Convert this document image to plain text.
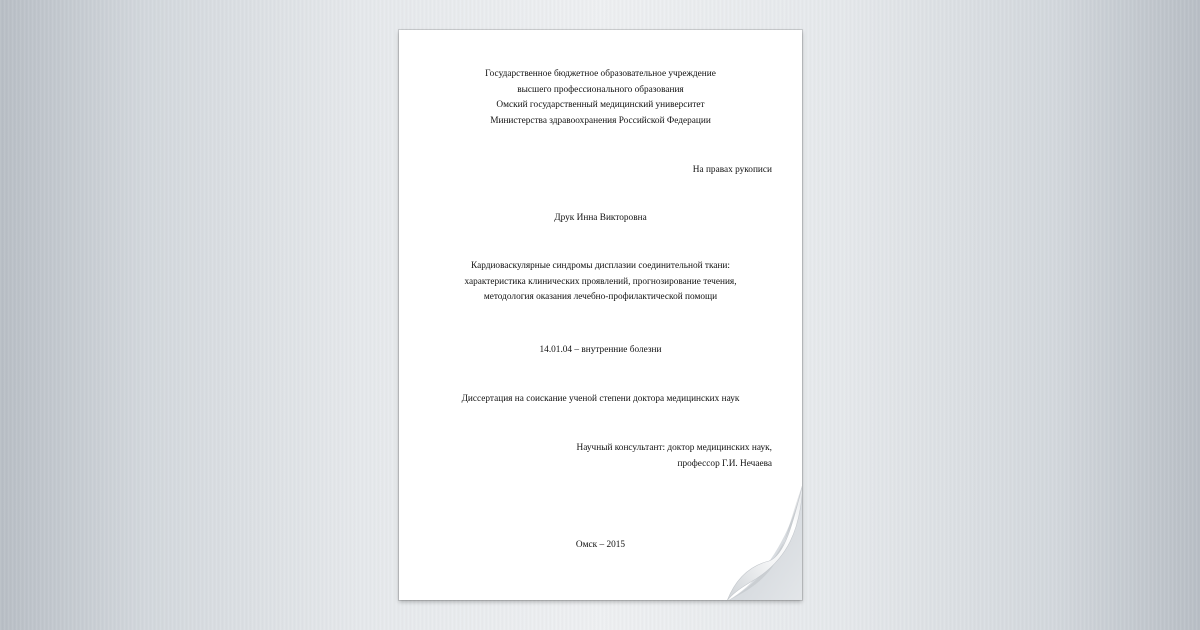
Государственное бюджетное образовательное учреждение
высшего профессионального образования
Омский государственный медицинский университет
Министерства здравоохранения Российской Федерации
На правах рукописи
Друк Инна Викторовна
Кардиоваскулярные синдромы дисплазии соединительной ткани:
характеристика клинических проявлений, прогнозирование течения,
методология оказания лечебно-профилактической помощи
14.01.04 – внутренние болезни
Диссертация на соискание ученой степени доктора медицинских наук
Научный консультант: доктор медицинских наук,
профессор Г.И. Нечаева
Омск – 2015
